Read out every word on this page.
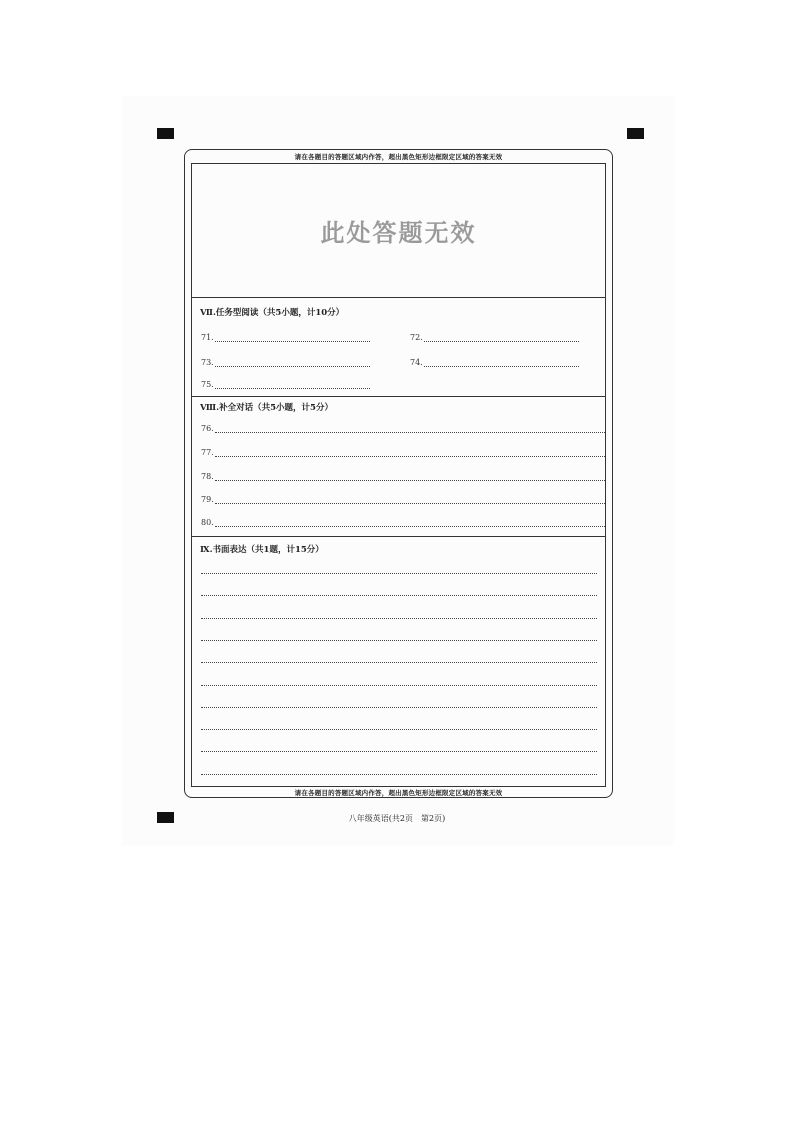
请在各题目的答题区域内作答，超出黑色矩形边框限定区域的答案无效
此处答题无效
Ⅶ.任务型阅读（共5小题，计10分）
71.	72.
73.	74.
75.
Ⅷ.补全对话（共5小题，计5分）
76.
77.
78.
79.
80.
Ⅸ.书面表达（共1题，计15分）
请在各题目的答题区域内作答，超出黑色矩形边框限定区域的答案无效
八年级英语(共2页　第2页)
